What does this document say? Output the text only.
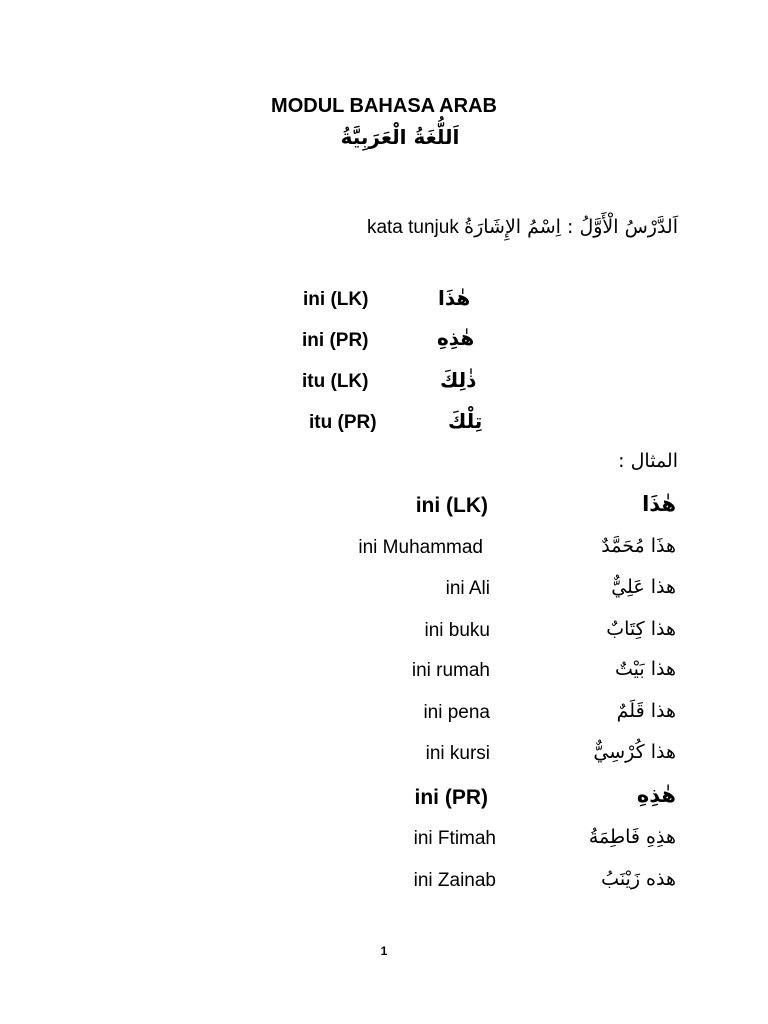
MODUL BAHASA ARAB
اَللُّغَةُ الْعَرَبِيَّةُ
kata tunjuk اَلدَّرْسُ الْأَوَّلُ : اِسْمُ الإِشَارَةُ
ini (LK)	هٰذَا
ini (PR)	هٰذِهِ
itu (LK)	ذٰلِكَ
itu (PR)	تِلْكَ
المثال :
ini (LK)	هٰذَا
ini Muhammad	هذَا مُحَمَّدٌ
ini Ali	هذا عَلِيٌّ
ini buku	هذا كِتَابٌ
ini rumah	هذا بَيْتٌ
ini pena	هذا قَلَمٌ
ini kursi	هذا كُرْسِيٌّ
ini (PR)	هٰذِهِ
ini Ftimah	هذِهِ فَاطِمَةُ
ini Zainab	هذه زَيْنَبُ
1
